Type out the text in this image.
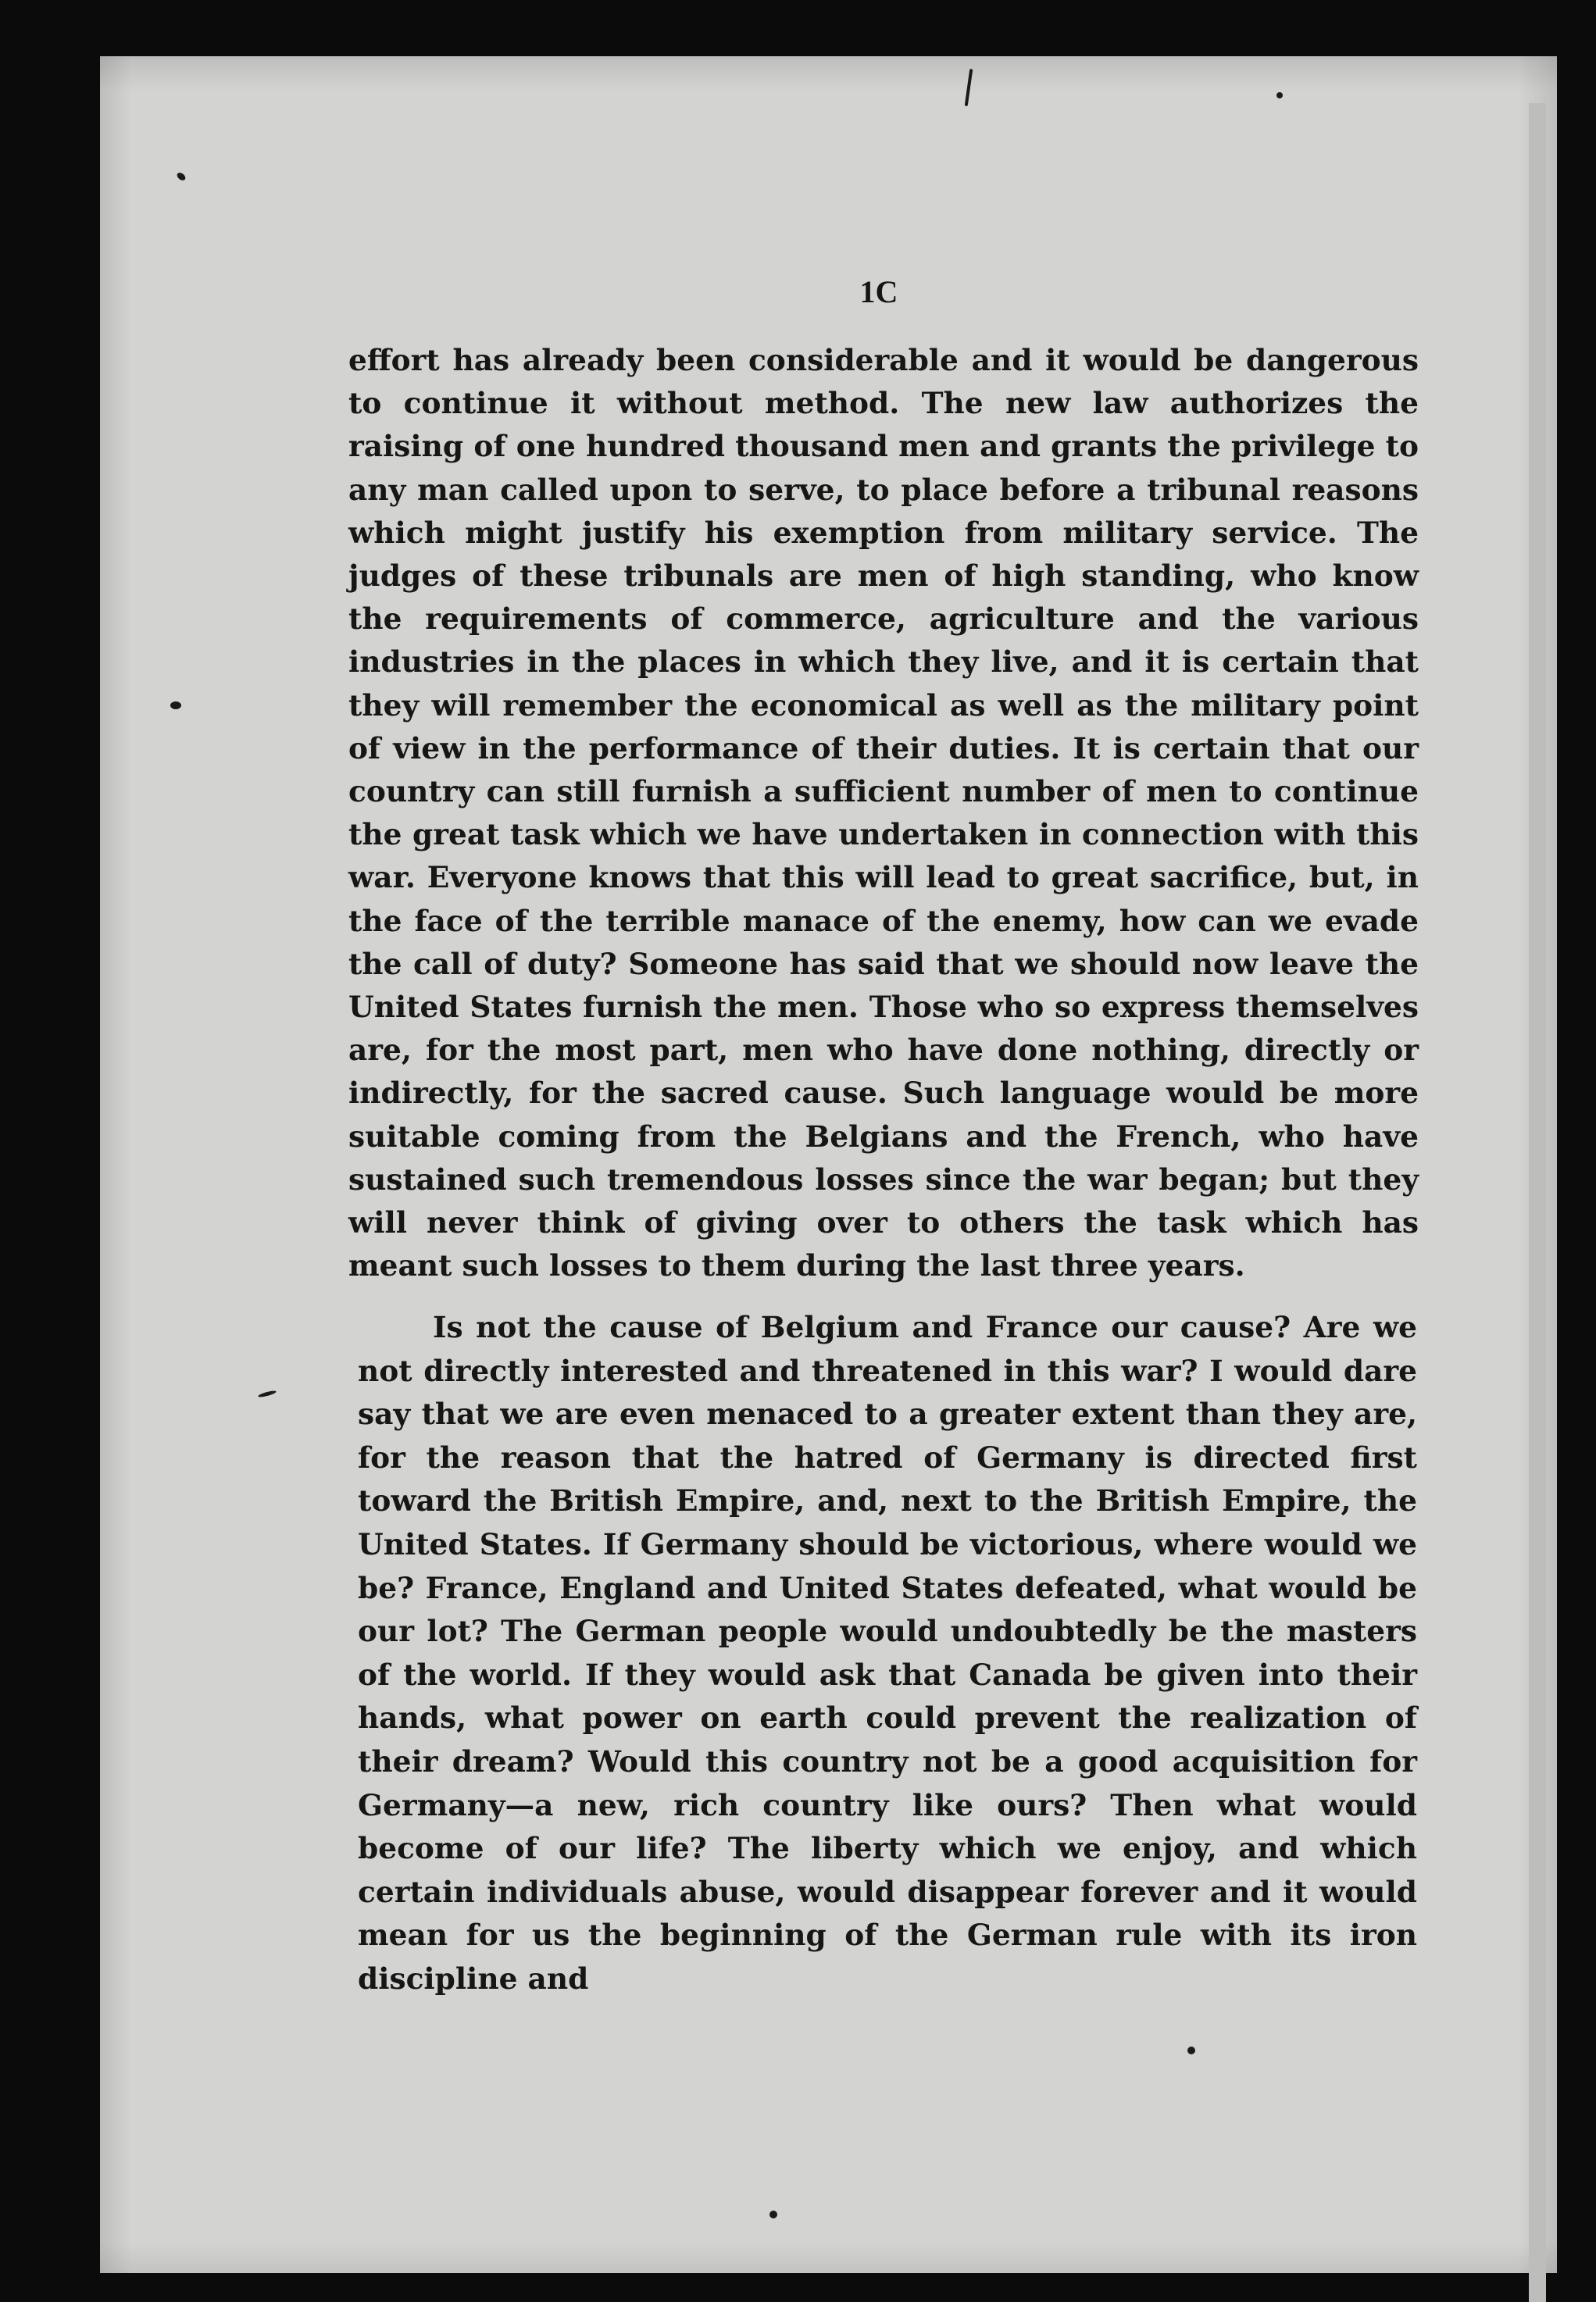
1C

effort has already been considerable and it would be dangerous to continue it without method. The new law authorizes the raising of one hundred thousand men and grants the privilege to any man called upon to serve, to place before a tribunal reasons which might justify his exemption from military service. The judges of these tribunals are men of high standing, who know the requirements of commerce, agriculture and the various industries in the places in which they live, and it is certain that they will remember the economical as well as the military point of view in the performance of their duties. It is certain that our country can still furnish a sufficient number of men to continue the great task which we have undertaken in connection with this war. Everyone knows that this will lead to great sacrifice, but, in the face of the terrible manace of the enemy, how can we evade the call of duty? Someone has said that we should now leave the United States furnish the men. Those who so express themselves are, for the most part, men who have done nothing, directly or indirectly, for the sacred cause. Such language would be more suitable coming from the Belgians and the French, who have sustained such tremendous losses since the war began; but they will never think of giving over to others the task which has meant such losses to them during the last three years.

Is not the cause of Belgium and France our cause? Are we not directly interested and threatened in this war? I would dare say that we are even menaced to a greater extent than they are, for the reason that the hatred of Germany is directed first toward the British Empire, and, next to the British Empire, the United States. If Germany should be victorious, where would we be? France, England and United States defeated, what would be our lot? The German people would undoubtedly be the masters of the world. If they would ask that Canada be given into their hands, what power on earth could prevent the realization of their dream? Would this country not be a good acquisition for Germany—a new, rich country like ours? Then what would become of our life? The liberty which we enjoy, and which certain individuals abuse, would disappear forever and it would mean for us the beginning of the German rule with its iron discipline and
